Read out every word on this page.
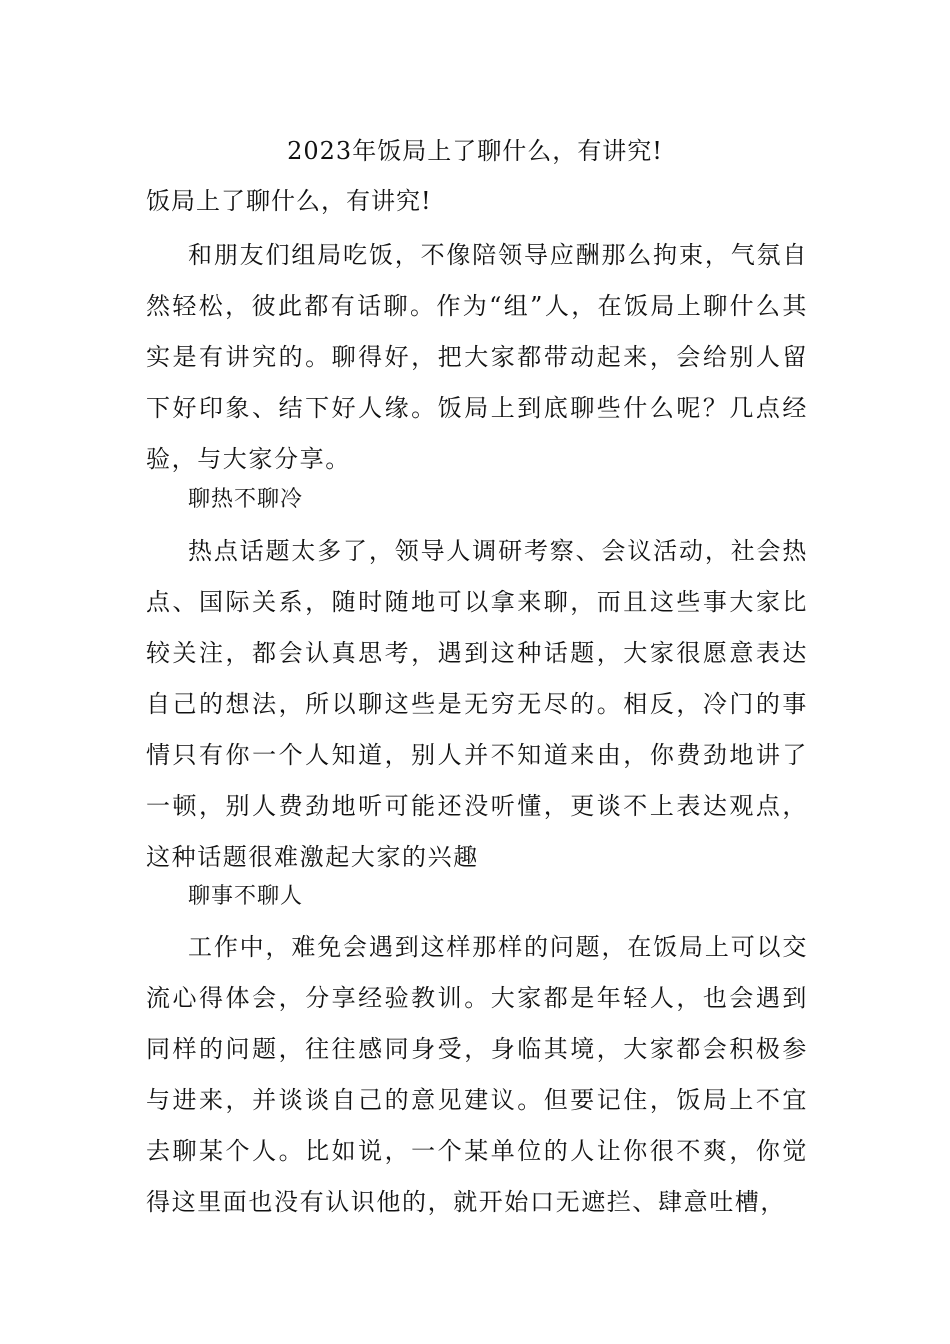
2023年饭局上了聊什么，有讲究!
饭局上了聊什么，有讲究!

和朋友们组局吃饭，不像陪领导应酬那么拘束，气氛自然轻松，彼此都有话聊。作为“组”人，在饭局上聊什么其实是有讲究的。聊得好，把大家都带动起来，会给别人留下好印象、结下好人缘。饭局上到底聊些什么呢？几点经验，与大家分享。

聊热不聊冷

热点话题太多了，领导人调研考察、会议活动，社会热点、国际关系，随时随地可以拿来聊，而且这些事大家比较关注，都会认真思考，遇到这种话题，大家很愿意表达自己的想法，所以聊这些是无穷无尽的。相反，冷门的事情只有你一个人知道，别人并不知道来由，你费劲地讲了一顿，别人费劲地听可能还没听懂，更谈不上表达观点，这种话题很难激起大家的兴趣

聊事不聊人

工作中，难免会遇到这样那样的问题，在饭局上可以交流心得体会，分享经验教训。大家都是年轻人，也会遇到同样的问题，往往感同身受，身临其境，大家都会积极参与进来，并谈谈自己的意见建议。但要记住，饭局上不宜去聊某个人。比如说，一个某单位的人让你很不爽，你觉得这里面也没有认识他的，就开始口无遮拦、肆意吐槽，
